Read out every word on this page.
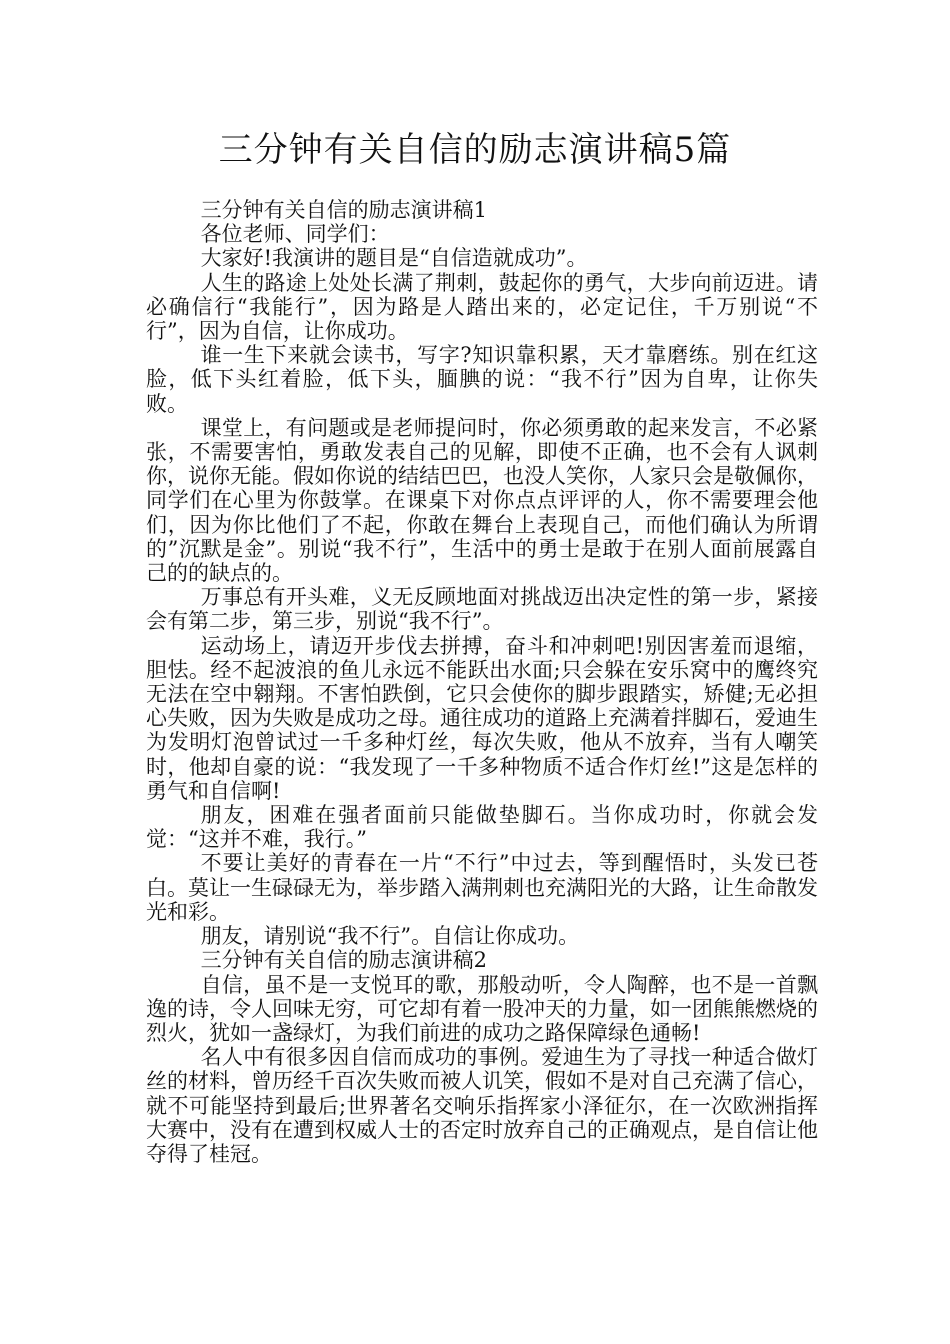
三分钟有关自信的励志演讲稿5篇

三分钟有关自信的励志演讲稿1

各位老师、同学们：

大家好!我演讲的题目是“自信造就成功”。

人生的路途上处处长满了荆刺，鼓起你的勇气，大步向前迈进。请必确信行“我能行”，因为路是人踏出来的，必定记住，千万别说“不行”，因为自信，让你成功。

谁一生下来就会读书，写字?知识靠积累，天才靠磨练。别在红这脸，低下头红着脸，低下头，腼腆的说：“我不行”因为自卑，让你失败。

课堂上，有问题或是老师提问时，你必须勇敢的起来发言，不必紧张，不需要害怕，勇敢发表自己的见解，即使不正确，也不会有人讽刺你，说你无能。假如你说的结结巴巴，也没人笑你，人家只会是敬佩你，同学们在心里为你鼓掌。在课桌下对你点点评评的人，你不需要理会他们，因为你比他们了不起，你敢在舞台上表现自己，而他们确认为所谓的”沉默是金”。别说“我不行”，生活中的勇士是敢于在别人面前展露自己的的缺点的。

万事总有开头难，义无反顾地面对挑战迈出决定性的第一步，紧接会有第二步，第三步，别说“我不行”。

运动场上，请迈开步伐去拼搏，奋斗和冲刺吧!别因害羞而退缩，胆怯。经不起波浪的鱼儿永远不能跃出水面;只会躲在安乐窝中的鹰终究无法在空中翱翔。不害怕跌倒，它只会使你的脚步跟踏实，矫健;无必担心失败，因为失败是成功之母。通往成功的道路上充满着拌脚石，爱迪生为发明灯泡曾试过一千多种灯丝，每次失败，他从不放弃，当有人嘲笑时，他却自豪的说：“我发现了一千多种物质不适合作灯丝!”这是怎样的勇气和自信啊!

朋友，困难在强者面前只能做垫脚石。当你成功时，你就会发觉：“这并不难，我行。”

不要让美好的青春在一片“不行”中过去，等到醒悟时，头发已苍白。莫让一生碌碌无为，举步踏入满荆刺也充满阳光的大路，让生命散发光和彩。

朋友，请别说“我不行”。自信让你成功。

三分钟有关自信的励志演讲稿2

自信，虽不是一支悦耳的歌，那般动听，令人陶醉，也不是一首飘逸的诗，令人回味无穷，可它却有着一股冲天的力量，如一团熊熊燃烧的烈火，犹如一盏绿灯，为我们前进的成功之路保障绿色通畅!

名人中有很多因自信而成功的事例。爱迪生为了寻找一种适合做灯丝的材料，曾历经千百次失败而被人讥笑，假如不是对自己充满了信心，就不可能坚持到最后;世界著名交响乐指挥家小泽征尔，在一次欧洲指挥大赛中，没有在遭到权威人士的否定时放弃自己的正确观点，是自信让他夺得了桂冠。
